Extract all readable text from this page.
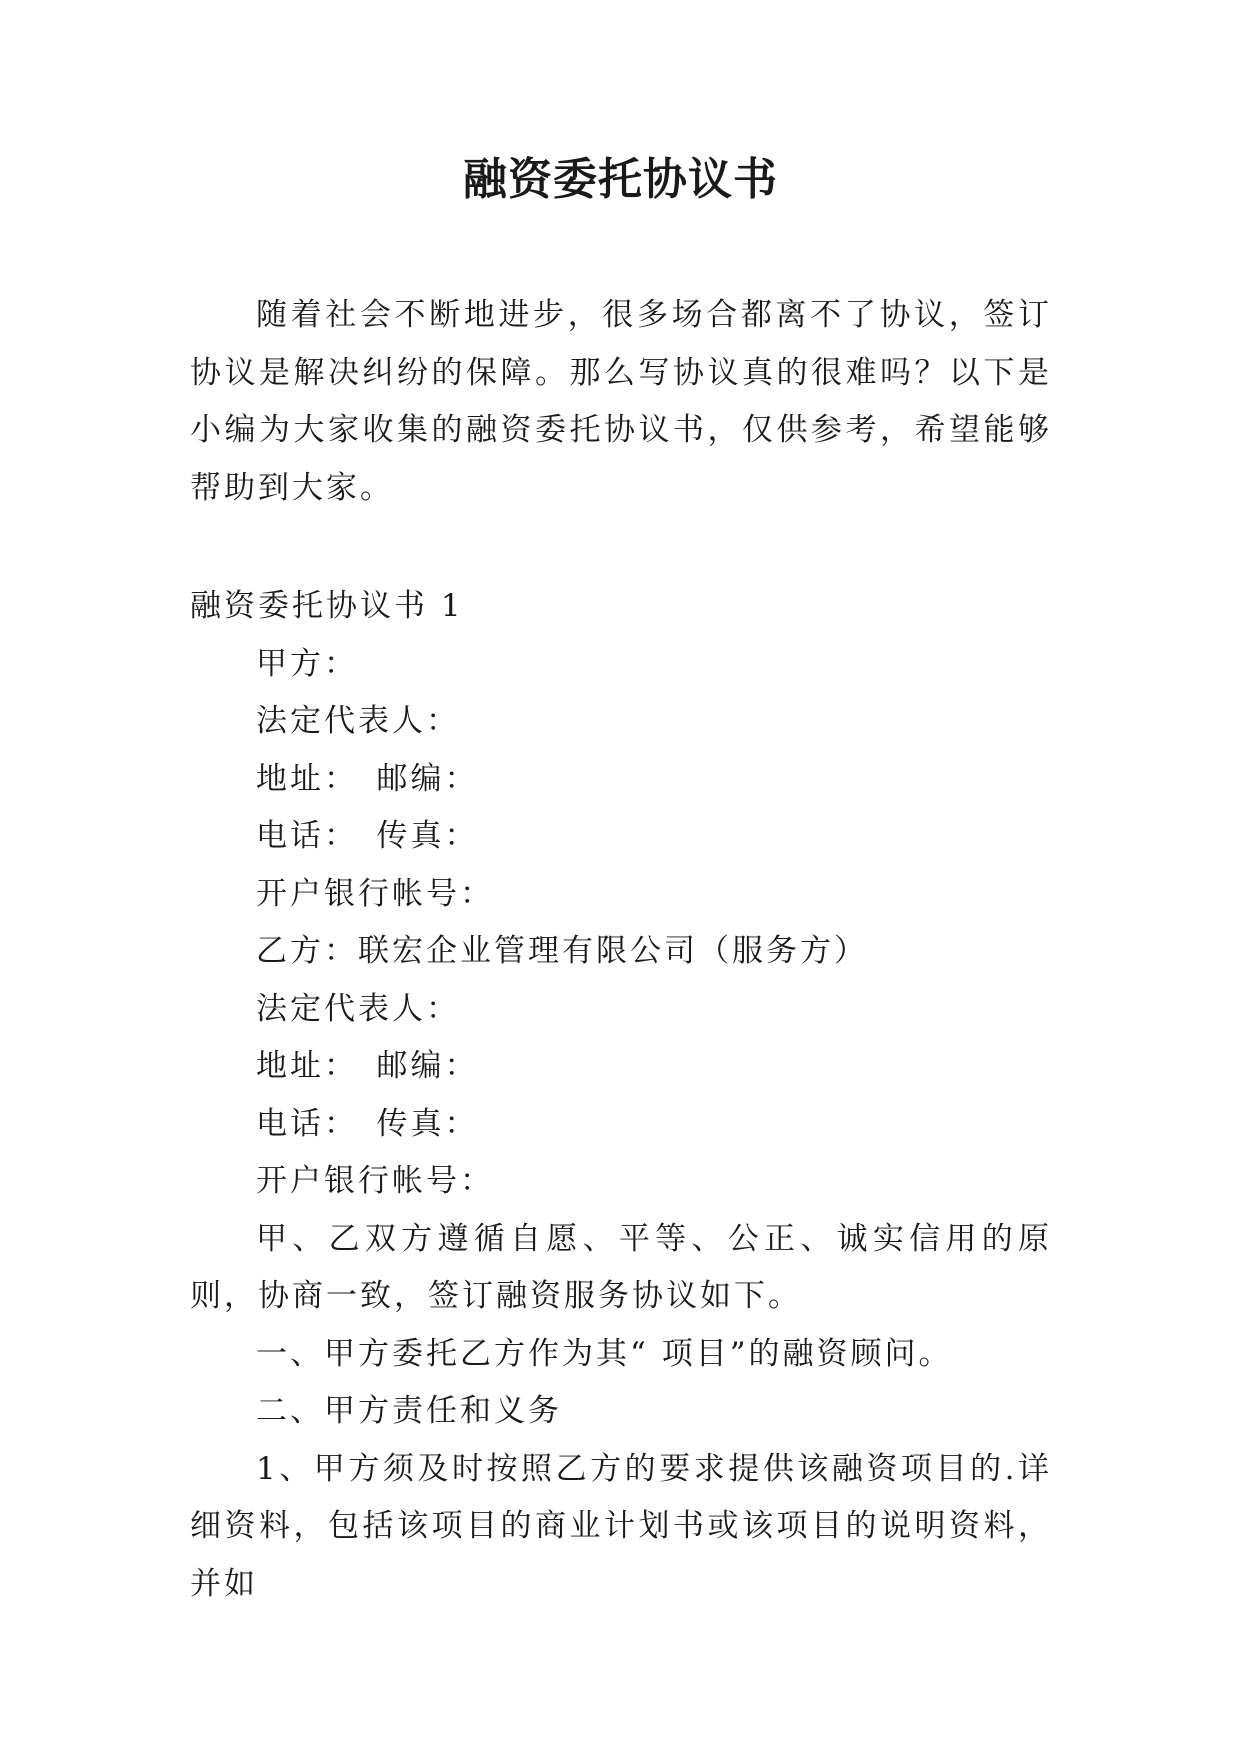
融资委托协议书

随着社会不断地进步，很多场合都离不了协议，签订协议是解决纠纷的保障。那么写协议真的很难吗？以下是小编为大家收集的融资委托协议书，仅供参考，希望能够帮助到大家。

融资委托协议书 1

甲方：

法定代表人：

地址：　邮编：

电话：　传真：

开户银行帐号：

乙方：联宏企业管理有限公司（服务方）

法定代表人：

地址：　邮编：

电话：　传真：

开户银行帐号：

甲、乙双方遵循自愿、平等、公正、诚实信用的原则，协商一致，签订融资服务协议如下。

一、甲方委托乙方作为其“ 项目”的融资顾问。

二、甲方责任和义务

1、甲方须及时按照乙方的要求提供该融资项目的.详细资料，包括该项目的商业计划书或该项目的说明资料，并如
